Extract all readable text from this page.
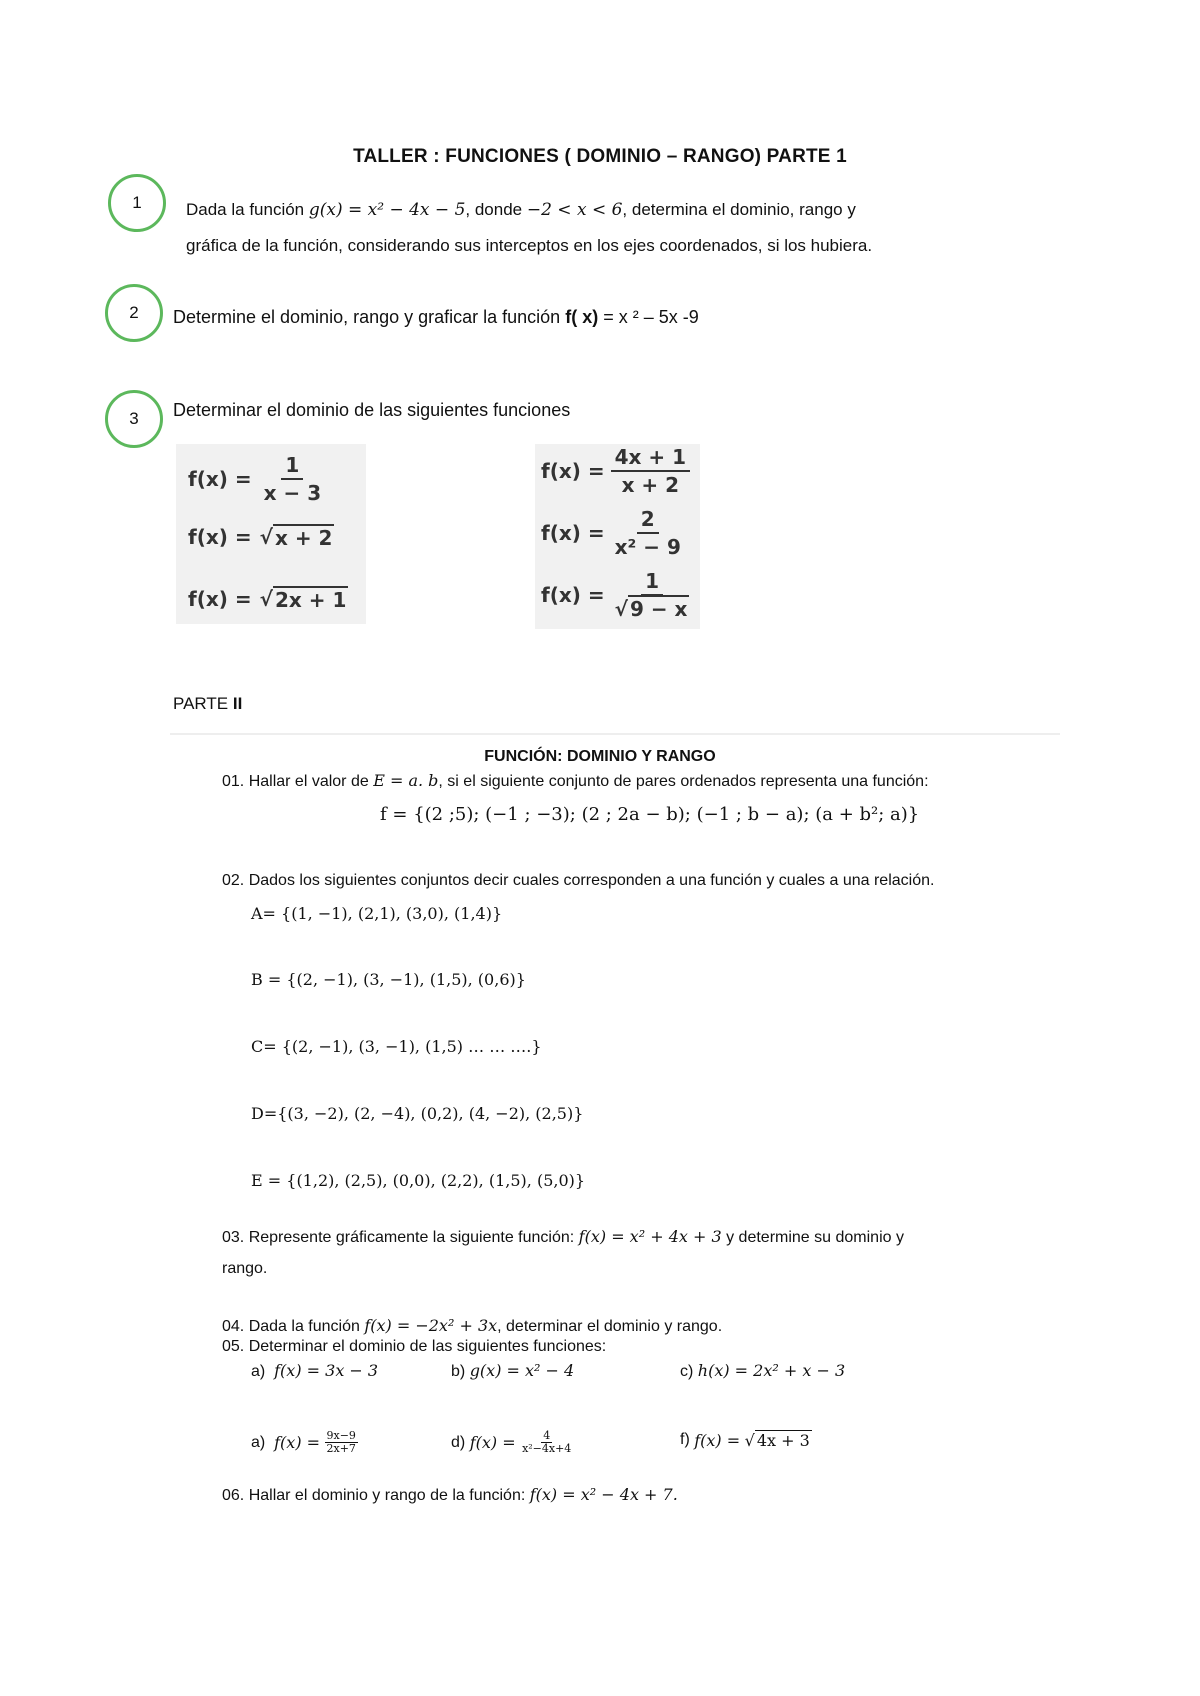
TALLER : FUNCIONES ( DOMINIO – RANGO) PARTE 1
1	Dada la función g(x) = x² − 4x − 5, donde −2 < x < 6, determina el dominio, rango y
gráfica de la función, considerando sus interceptos en los ejes coordenados, si los hubiera.
2 Determine el dominio, rango y graficar la función f( x) = x ² – 5x -9
3 Determinar el dominio de las siguientes funciones
$f(x) = \frac{1}{x - 3}$
f(x) = √ x + 2
f(x) = √ 2x + 1
$f(x) = \frac{4x + 1}{x + 2}$
$f(x) = \frac{2}{\text{x² − 9}}$
$f(x) = \frac{1}{√ 9 - x}$
PARTE II
FUNCIÓN: DOMINIO Y RANGO
01. Hallar el valor de E = a. b, si el siguiente conjunto de pares ordenados representa una función:
f = {(2 ;5); (−1 ; −3); (2 ; 2a − b); (−1 ; b − a); (a + b²; a)}
02. Dados los siguientes conjuntos decir cuales corresponden a una función y cuales a una relación.
A= {(1, −1), (2,1), (3,0), (1,4)}
B = {(2, −1), (3, −1), (1,5), (0,6)}
C= {(2, −1), (3, −1), (1,5) … … ….}
D={(3, −2), (2, −4), (0,2), (4, −2), (2,5)}
E = {(1,2), (2,5), (0,0), (2,2), (1,5), (5,0)}
03. Represente gráficamente la siguiente función: f(x) = x² + 4x + 3 y determine su dominio y
rango.
04. Dada la función f(x) = −2x² + 3x, determinar el dominio y rango.
05. Determinar el dominio de las siguientes funciones:
a) f(x) = 3x − 3	b) g(x) = x² − 4	c) h(x) = 2x² + x − 3
a)
f(x) =
$\frac{9x-9}{2x+7}$	d)
f(x) =
$\frac{4}{\text{x²−4x+4}}$	f)
f(x) =
√ 4x + 3
06. Hallar el dominio y rango de la función: f(x) = x² − 4x + 7.
